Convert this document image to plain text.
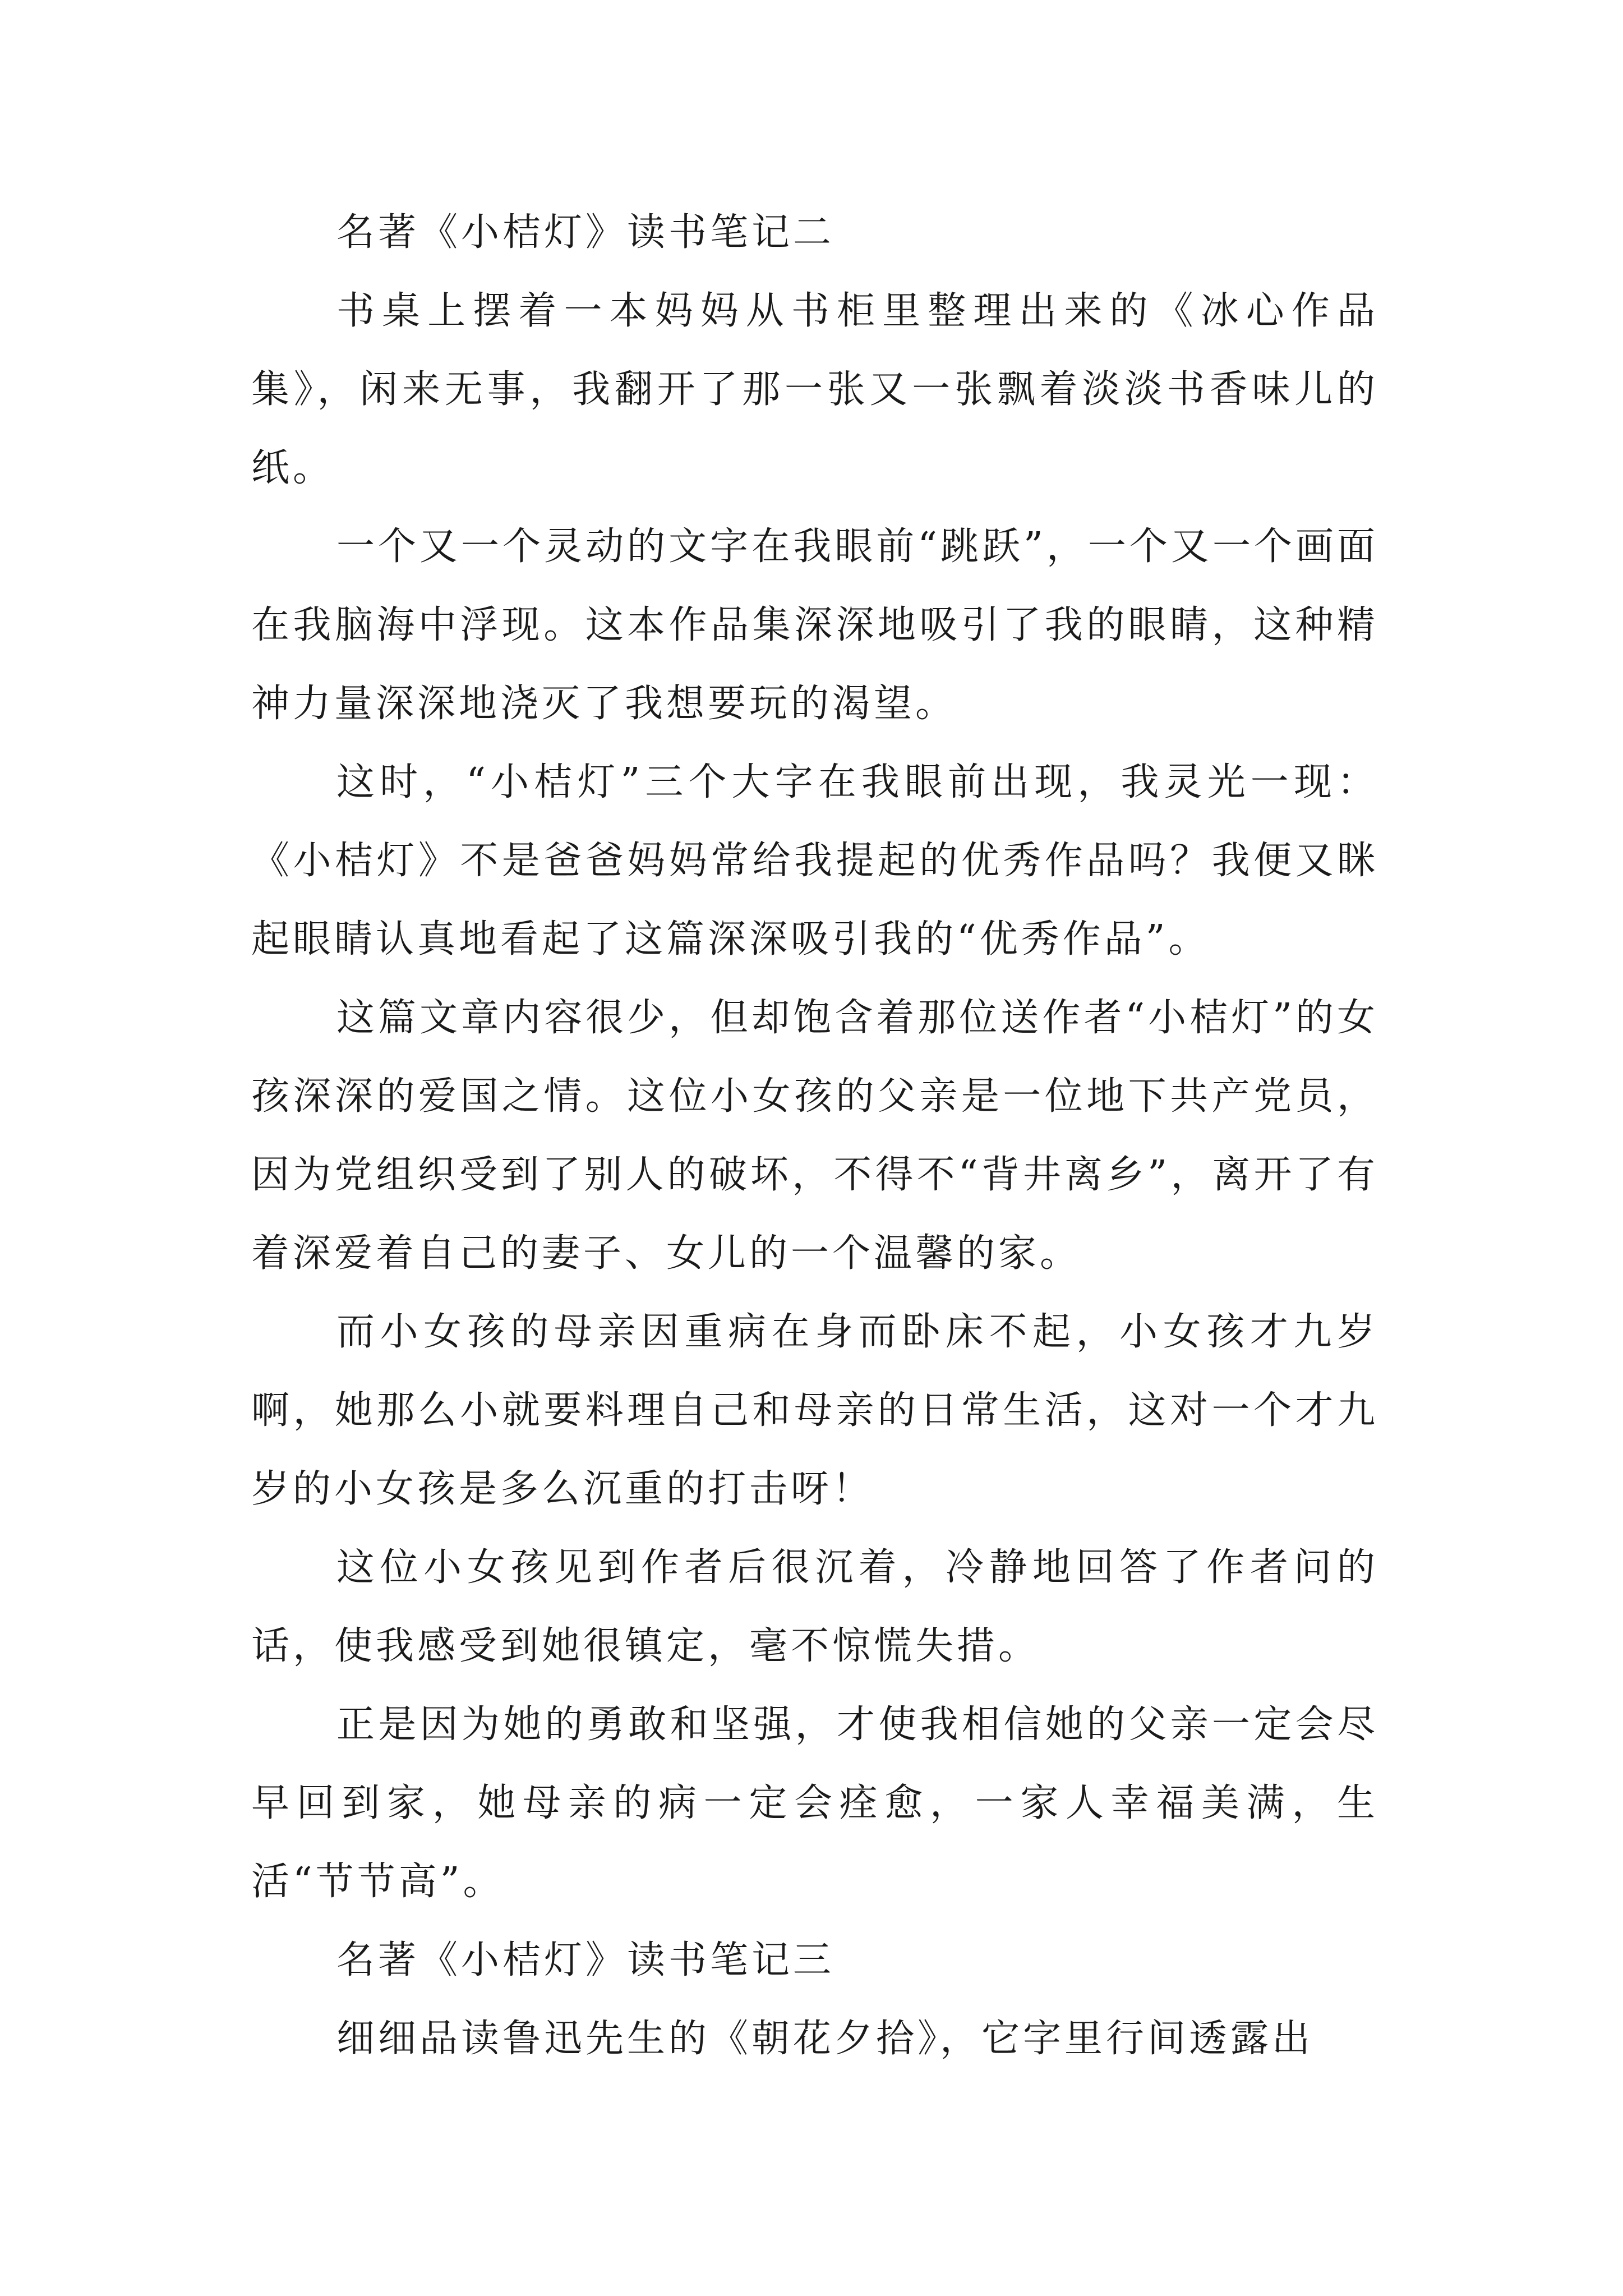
名著《小桔灯》读书笔记二

书桌上摆着一本妈妈从书柜里整理出来的《冰心作品集》，闲来无事，我翻开了那一张又一张飘着淡淡书香味儿的纸。

一个又一个灵动的文字在我眼前“跳跃”，一个又一个画面在我脑海中浮现。这本作品集深深地吸引了我的眼睛，这种精神力量深深地浇灭了我想要玩的渴望。

这时，“小桔灯”三个大字在我眼前出现，我灵光一现：《小桔灯》不是爸爸妈妈常给我提起的优秀作品吗？我便又眯起眼睛认真地看起了这篇深深吸引我的“优秀作品”。

这篇文章内容很少，但却饱含着那位送作者“小桔灯”的女孩深深的爱国之情。这位小女孩的父亲是一位地下共产党员，因为党组织受到了别人的破坏，不得不“背井离乡”，离开了有着深爱着自己的妻子、女儿的一个温馨的家。

而小女孩的母亲因重病在身而卧床不起，小女孩才九岁啊，她那么小就要料理自己和母亲的日常生活，这对一个才九岁的小女孩是多么沉重的打击呀！

这位小女孩见到作者后很沉着，冷静地回答了作者问的话，使我感受到她很镇定，毫不惊慌失措。

正是因为她的勇敢和坚强，才使我相信她的父亲一定会尽早回到家，她母亲的病一定会痊愈，一家人幸福美满，生活“节节高”。

名著《小桔灯》读书笔记三

细细品读鲁迅先生的《朝花夕拾》，它字里行间透露出
